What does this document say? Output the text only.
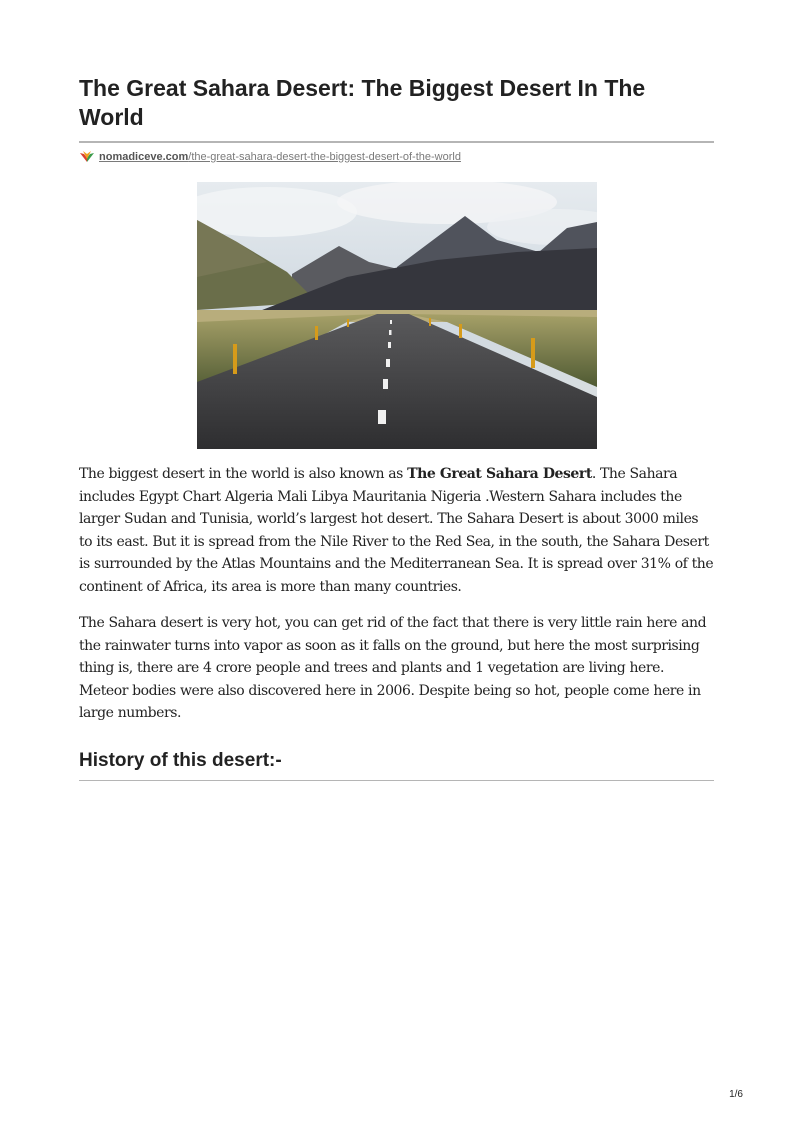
The Great Sahara Desert: The Biggest Desert In The World
nomadiceve.com/the-great-sahara-desert-the-biggest-desert-of-the-world

The biggest desert in the world is also known as The Great Sahara Desert. The Sahara includes Egypt Chart Algeria Mali Libya Mauritania Nigeria .Western Sahara includes the larger Sudan and Tunisia, world’s largest hot desert. The Sahara Desert is about 3000 miles to its east. But it is spread from the Nile River to the Red Sea, in the south, the Sahara Desert is surrounded by the Atlas Mountains and the Mediterranean Sea. It is spread over 31% of the continent of Africa, its area is more than many countries.

The Sahara desert is very hot, you can get rid of the fact that there is very little rain here and the rainwater turns into vapor as soon as it falls on the ground, but here the most surprising thing is, there are 4 crore people and trees and plants and 1 vegetation are living here. Meteor bodies were also discovered here in 2006. Despite being so hot, people come here in large numbers.

History of this desert:-
1/6
